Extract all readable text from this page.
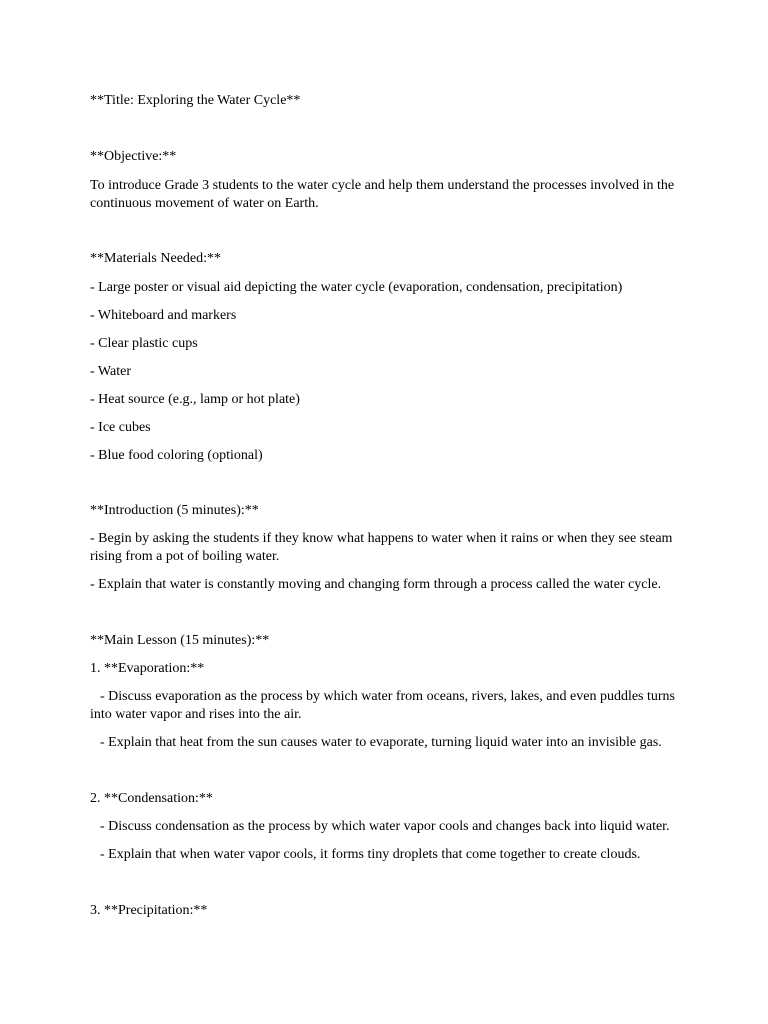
**Title: Exploring the Water Cycle**
**Objective:**
To introduce Grade 3 students to the water cycle and help them understand the processes involved in the continuous movement of water on Earth.
**Materials Needed:**
- Large poster or visual aid depicting the water cycle (evaporation, condensation, precipitation)
- Whiteboard and markers
- Clear plastic cups
- Water
- Heat source (e.g., lamp or hot plate)
- Ice cubes
- Blue food coloring (optional)
**Introduction (5 minutes):**
- Begin by asking the students if they know what happens to water when it rains or when they see steam rising from a pot of boiling water.
- Explain that water is constantly moving and changing form through a process called the water cycle.
**Main Lesson (15 minutes):**
1. **Evaporation:**
- Discuss evaporation as the process by which water from oceans, rivers, lakes, and even puddles turns into water vapor and rises into the air.
- Explain that heat from the sun causes water to evaporate, turning liquid water into an invisible gas.
2. **Condensation:**
- Discuss condensation as the process by which water vapor cools and changes back into liquid water.
- Explain that when water vapor cools, it forms tiny droplets that come together to create clouds.
3. **Precipitation:**
